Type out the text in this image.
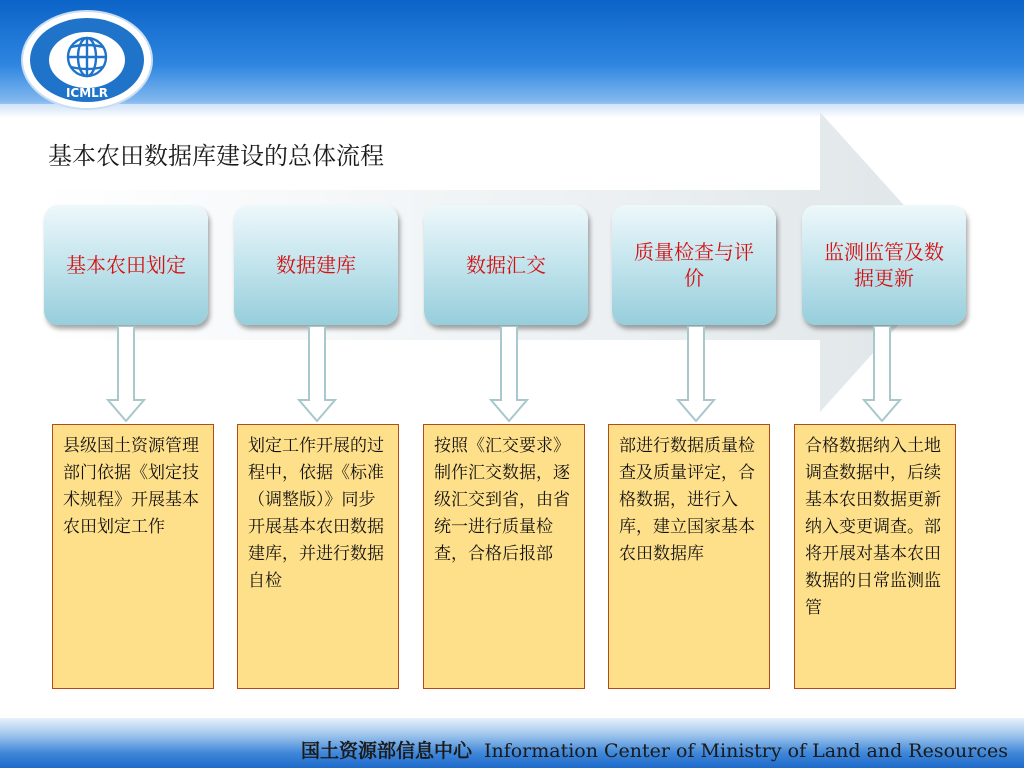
ICMLR
基本农田数据库建设的总体流程
基本农田划定	数据建库	数据汇交
质量检查与评价
监测监管及数据更新
县级国土资源管理部门依据《划定技术规程》开展基本农田划定工作
划定工作开展的过程中，依据《标准（调整版）》同步开展基本农田数据建库，并进行数据自检
按照《汇交要求》制作汇交数据，逐级汇交到省，由省统一进行质量检查，合格后报部
部进行数据质量检查及质量评定，合格数据，进行入库，建立国家基本农田数据库
合格数据纳入土地调查数据中，后续基本农田数据更新纳入变更调查。部将开展对基本农田数据的日常监测监管
国土资源部信息中心 Information Center of Ministry of Land and Resources
